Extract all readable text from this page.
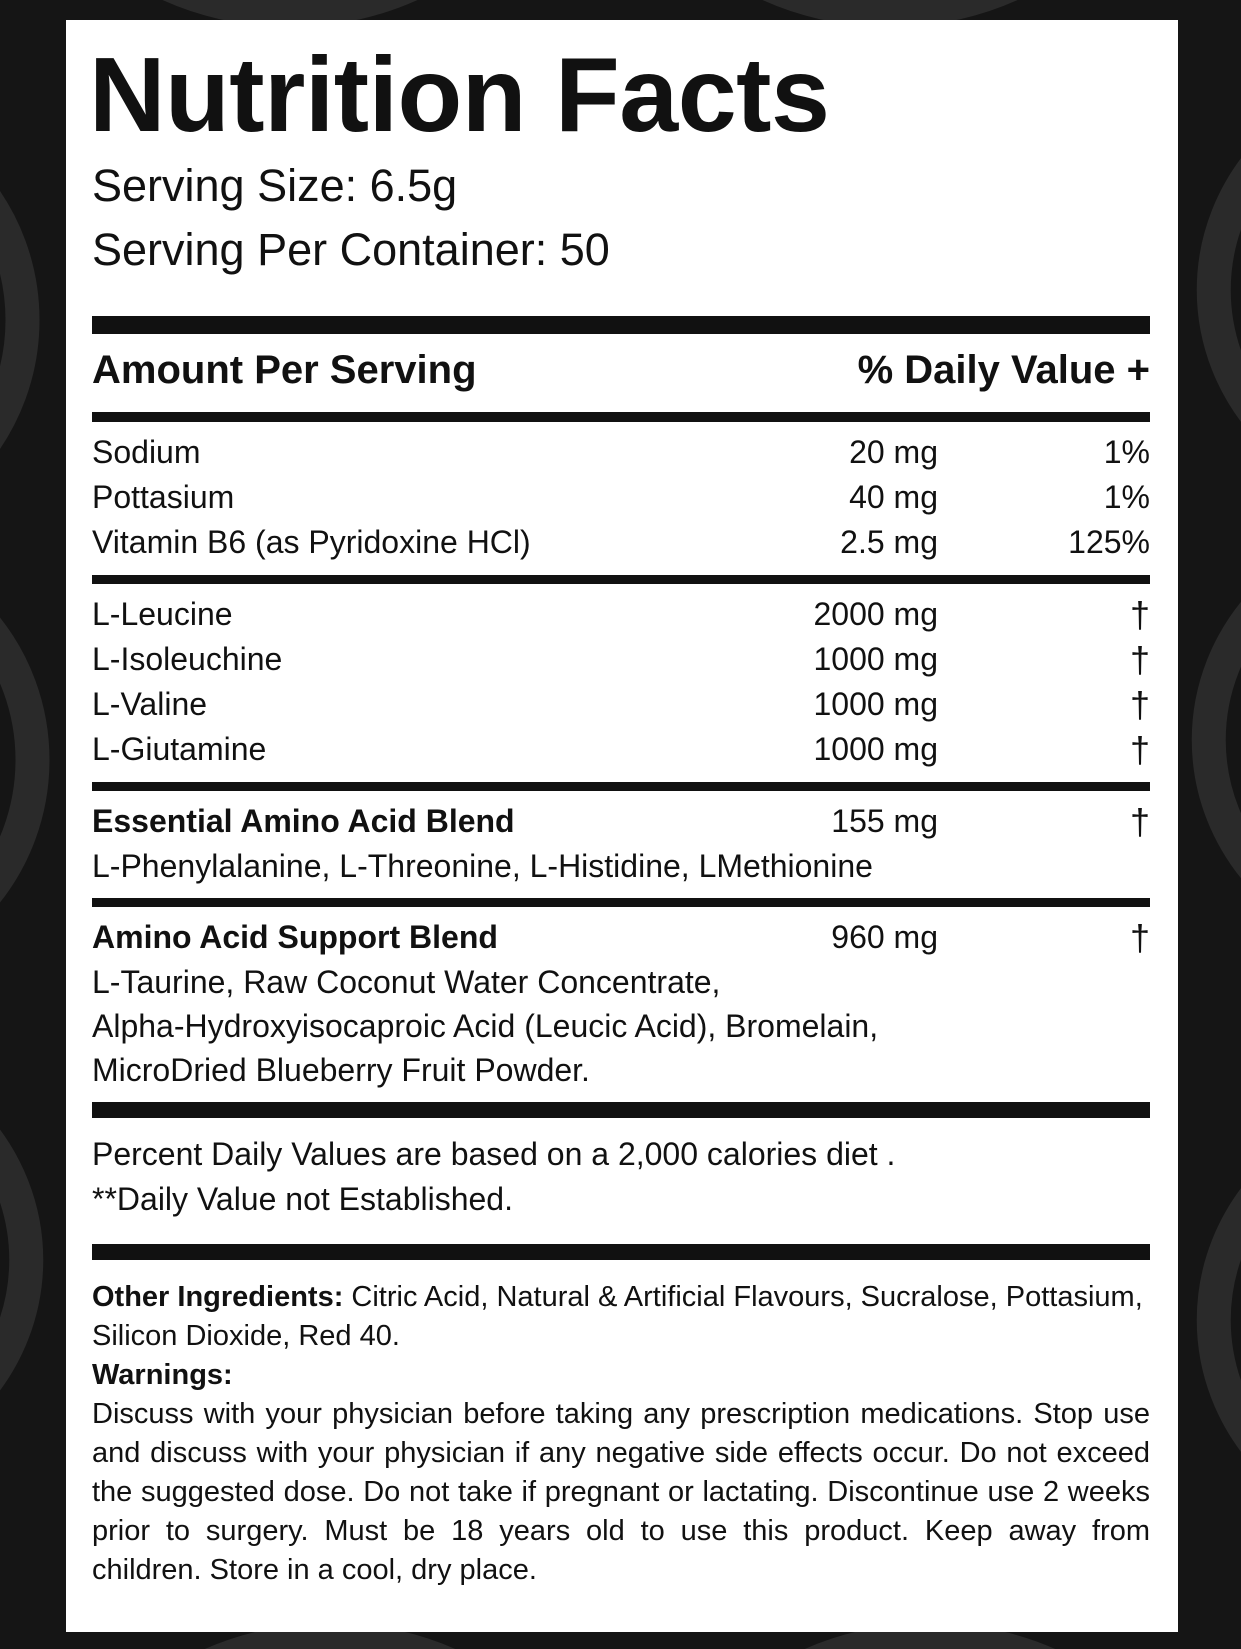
Nutrition Facts
Serving Size: 6.5g
Serving Per Container: 50
Amount Per Serving	% Daily Value +
Sodium	20 mg	1%
Pottasium	40 mg	1%
Vitamin B6 (as Pyridoxine HCl)	2.5 mg	125%
L-Leucine	2000 mg	†
L-Isoleuchine	1000 mg	†
L-Valine	1000 mg	†
L-Giutamine	1000 mg	†
Essential Amino Acid Blend	155 mg	†
L-Phenylalanine, L-Threonine, L-Histidine, LMethionine
Amino Acid Support Blend	960 mg	†
L-Taurine, Raw Coconut Water Concentrate,
Alpha-Hydroxyisocaproic Acid (Leucic Acid), Bromelain,
MicroDried Blueberry Fruit Powder.
Percent Daily Values are based on a 2,000 calories diet .
**Daily Value not Established.
Other Ingredients: Citric Acid, Natural & Artificial Flavours, Sucralose, Pottasium, Silicon Dioxide, Red 40.
Warnings:
Discuss with your physician before taking any prescription medications. Stop use and discuss with your physician if any negative side effects occur. Do not exceed the suggested dose. Do not take if pregnant or lactating. Discontinue use 2 weeks prior to surgery. Must be 18 years old to use this product. Keep away from children. Store in a cool, dry place.
